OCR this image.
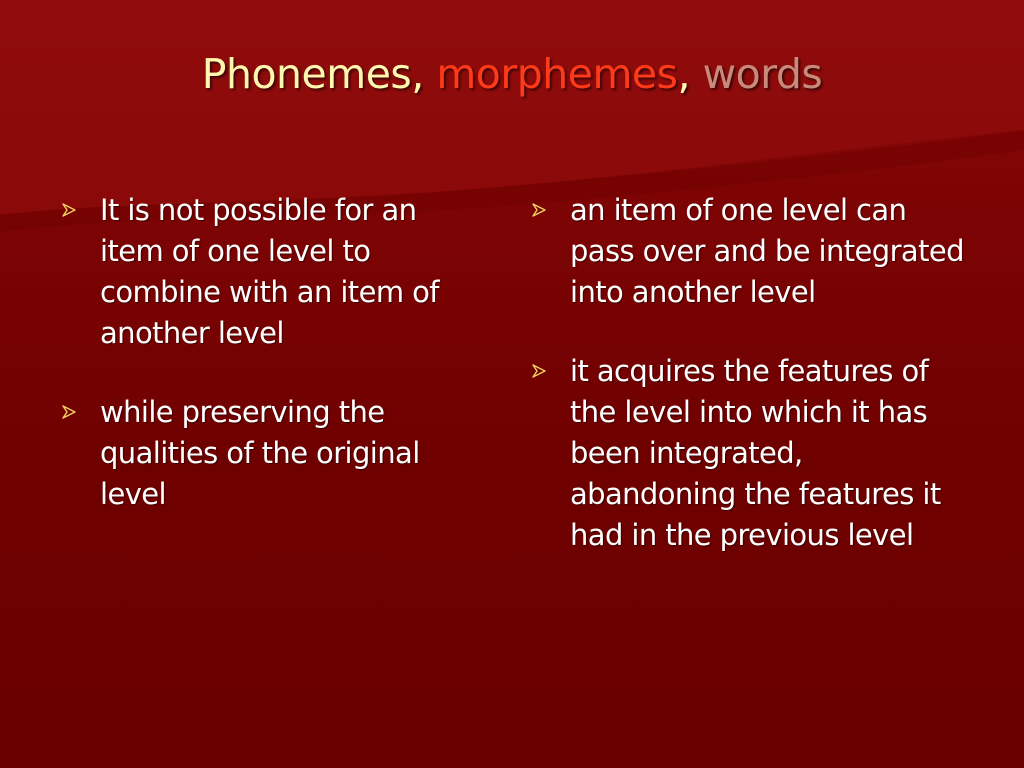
Phonemes, morphemes, words
It is not possible for an item of one level to combine with an item of another level
while preserving the qualities of the original level
an item of one level can pass over and be integrated into another level
it acquires the features of the level into which it has been integrated, abandoning the features it had in the previous level
